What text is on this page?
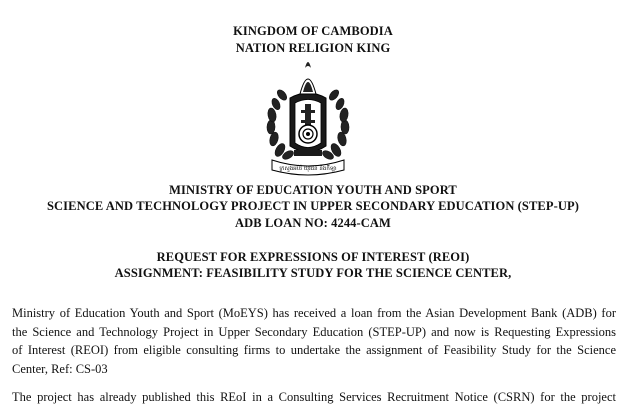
KINGDOM OF CAMBODIA
NATION RELIGION KING
ក្រសួងអប់រំ យុវជន និងកីឡា
MINISTRY OF EDUCATION YOUTH AND SPORT
SCIENCE AND TECHNOLOGY PROJECT IN UPPER SECONDARY EDUCATION (STEP-UP)
ADB LOAN NO: 4244-CAM
REQUEST FOR EXPRESSIONS OF INTEREST (REOI)
ASSIGNMENT: FEASIBILITY STUDY FOR THE SCIENCE CENTER,
Ministry of Education Youth and Sport (MoEYS) has received a loan from the Asian Development Bank (ADB) for
the Science and Technology Project in Upper Secondary Education (STEP-UP) and now is Requesting Expressions
of Interest (REOI) from eligible consulting firms to undertake the assignment of Feasibility Study for the Science
Center, Ref: CS-03
The project has already published this REoI in a Consulting Services Recruitment Notice (CSRN) for the project
